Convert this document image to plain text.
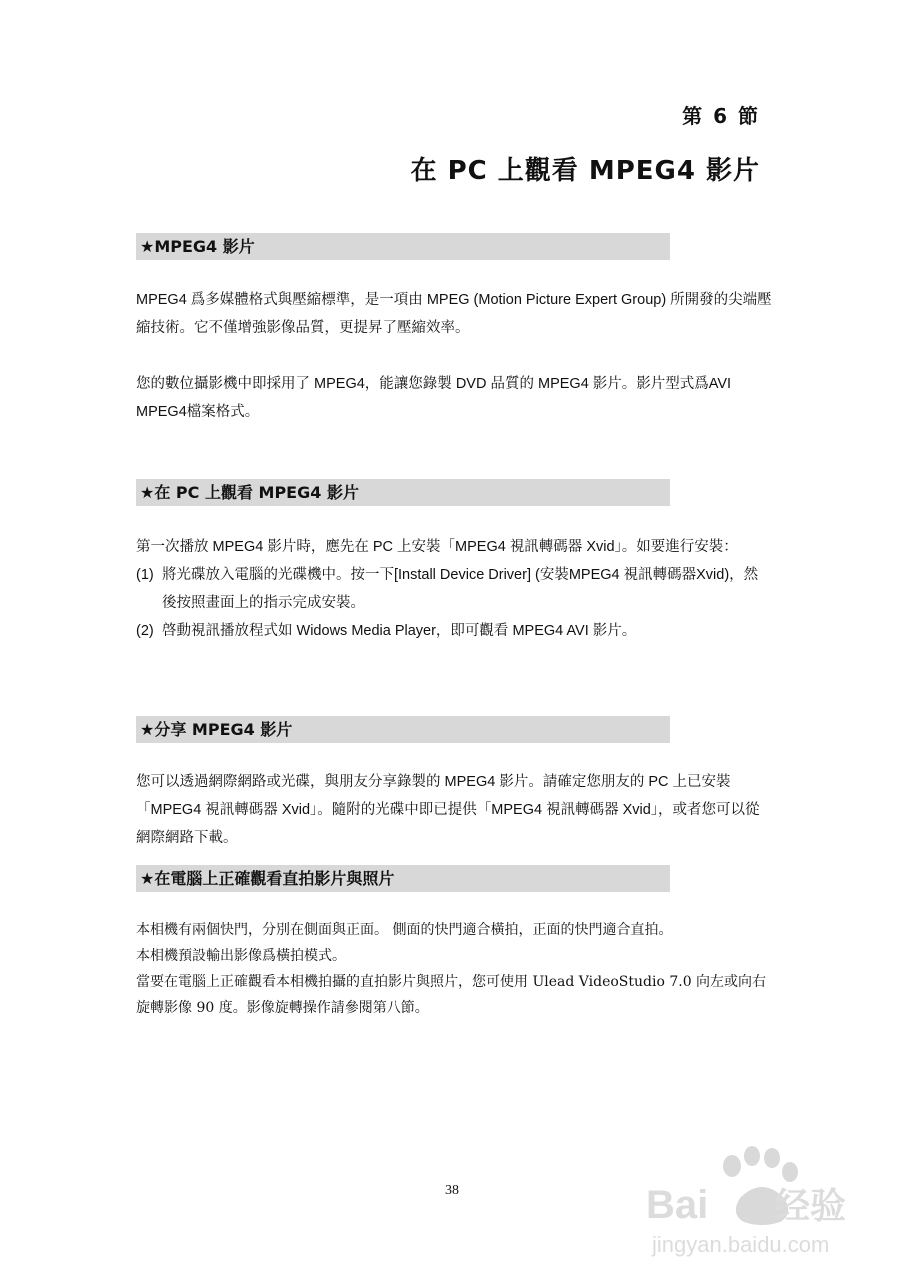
第 6 節
在 PC 上觀看 MPEG4 影片
★MPEG4 影片

MPEG4 爲多媒體格式與壓縮標準，是一項由 MPEG (Motion Picture Expert Group) 所開發的尖端壓縮技術。它不僅增強影像品質，更提昇了壓縮效率。

您的數位攝影機中即採用了 MPEG4，能讓您錄製 DVD 品質的 MPEG4 影片。影片型式爲AVI MPEG4檔案格式。

★在 PC 上觀看 MPEG4 影片

第一次播放 MPEG4 影片時，應先在 PC 上安裝「MPEG4 視訊轉碼器 Xvid」。如要進行安裝：

(1) 將光碟放入電腦的光碟機中。按一下[Install Device Driver] (安裝MPEG4 視訊轉碼器Xvid)，然後按照畫面上的指示完成安裝。
(2) 啓動視訊播放程式如 Widows Media Player，即可觀看 MPEG4 AVI 影片。
★分享 MPEG4 影片

您可以透過網際網路或光碟，與朋友分享錄製的 MPEG4 影片。請確定您朋友的 PC 上已安裝「MPEG4 視訊轉碼器 Xvid」。隨附的光碟中即已提供「MPEG4 視訊轉碼器 Xvid」，或者您可以從網際網路下載。

★在電腦上正確觀看直拍影片與照片

本相機有兩個快門，分別在側面與正面。 側面的快門適合橫拍，正面的快門適合直拍。

本相機預設輸出影像爲橫拍模式。

當要在電腦上正確觀看本相機拍攝的直拍影片與照片，您可使用 Ulead VideoStudio 7.0 向左或向右旋轉影像 90 度。影像旋轉操作請參閱第八節。

38	Bai 经验
jingyan.baidu.com
